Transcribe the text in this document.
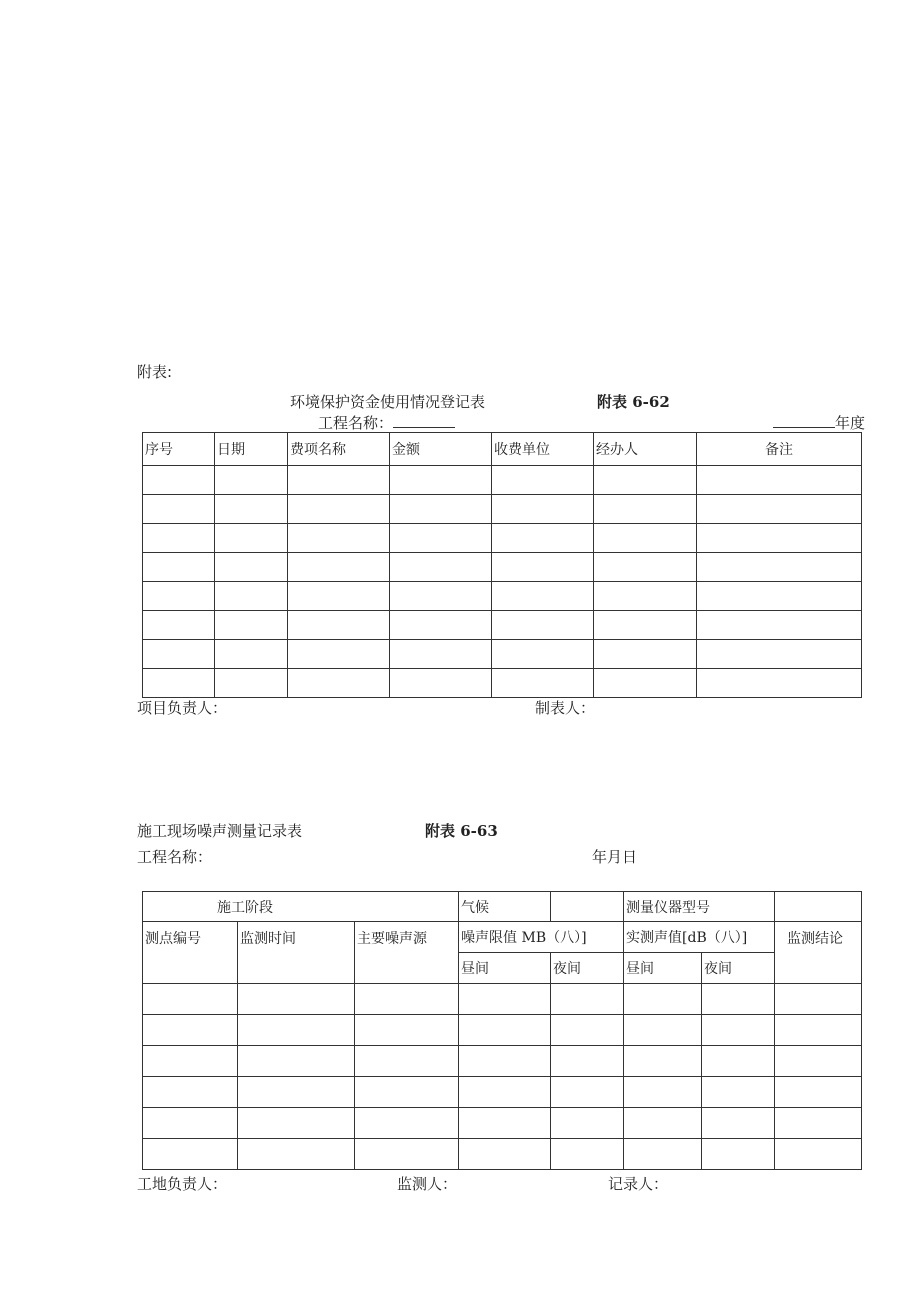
附表:
环境保护资金使用情况登记表	附表 6-62
工程名称：	年度
序号	日期	费项名称	金额	收费单位	经办人	备注

项目负责人：	制表人：
施工现场噪声测量记录表	附表 6-63
工程名称：	年月日
施工阶段			气候		测量仪器型号		
测点编号	监测时间	主要噪声源	噪声限值 MB（八）]		实测声值[dB（八）]		监测结论
			昼间	夜间	昼间	夜间	

工地负责人：	监测人：	记录人：
